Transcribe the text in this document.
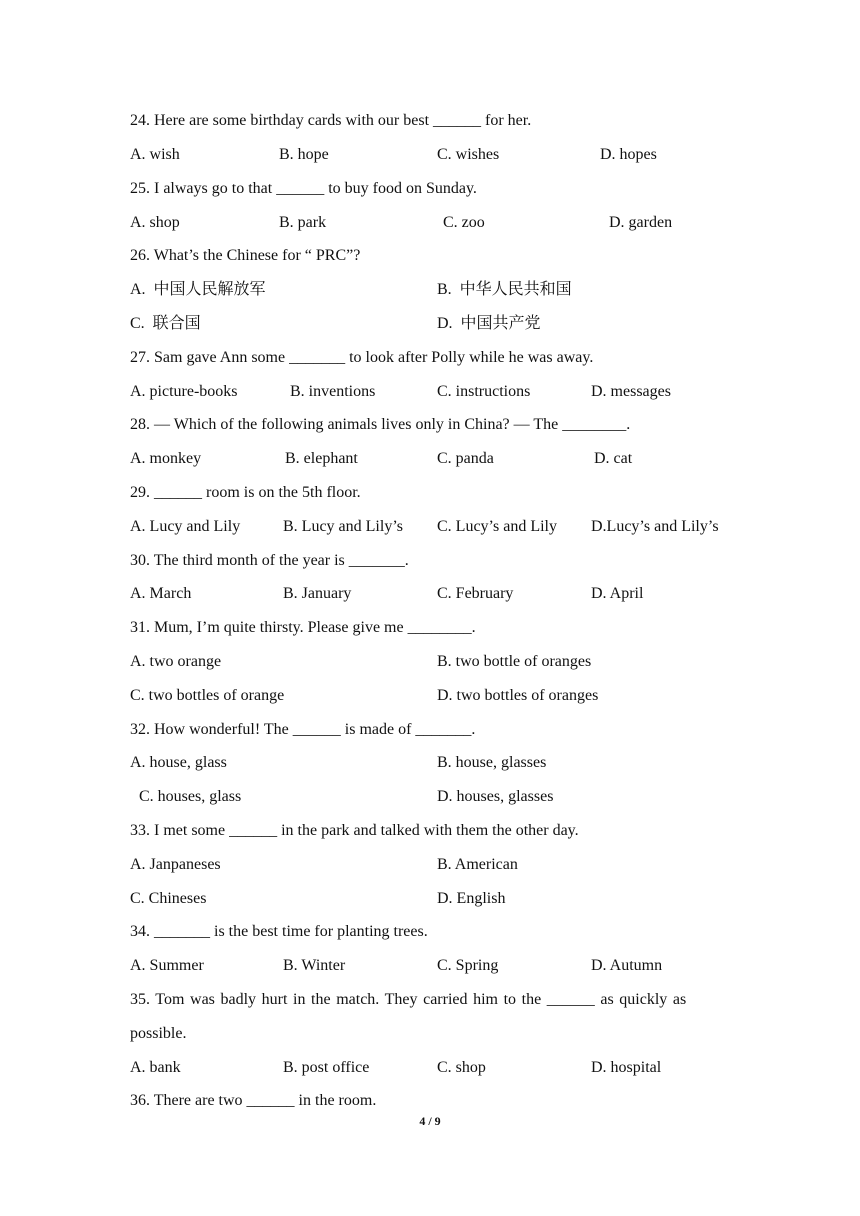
24. Here are some birthday cards with our best ______ for her.
A. wish	B. hope	C. wishes	D. hopes
25. I always go to that ______ to buy food on Sunday.
A. shop	B. park	C. zoo	D. garden
26. What’s the Chinese for “ PRC”?
A.  中国人民解放军	B.  中华人民共和国
C.  联合国	D.  中国共产党
27. Sam gave Ann some _______ to look after Polly while he was away.
A. picture-books	B. inventions	C. instructions	D. messages
28. — Which of the following animals lives only in China? — The ________.
A. monkey	B. elephant	C. panda	D. cat
29. ______ room is on the 5th floor.
A. Lucy and Lily	B. Lucy and Lily’s C. Lucy’s and Lily D.Lucy’s and Lily’s
30. The third month of the year is _______.
A. March	B. January	C. February	D. April
31. Mum, I’m quite thirsty. Please give me ________.
A. two orange	B. two bottle of oranges
C. two bottles of orange	D. two bottles of oranges
32. How wonderful! The ______ is made of _______.
A. house, glass	B. house, glasses
C. houses, glass	D. houses, glasses
33. I met some ______ in the park and talked with them the other day.
A. Janpaneses	B. American
C. Chineses	D. English
34. _______ is the best time for planting trees.
A. Summer	B. Winter	C. Spring	D. Autumn
35. Tom was badly hurt in the match. They carried him to the ______ as quickly as
possible.
A. bank	B. post office	C. shop	D. hospital
36. There are two ______ in the room.
4 / 9
